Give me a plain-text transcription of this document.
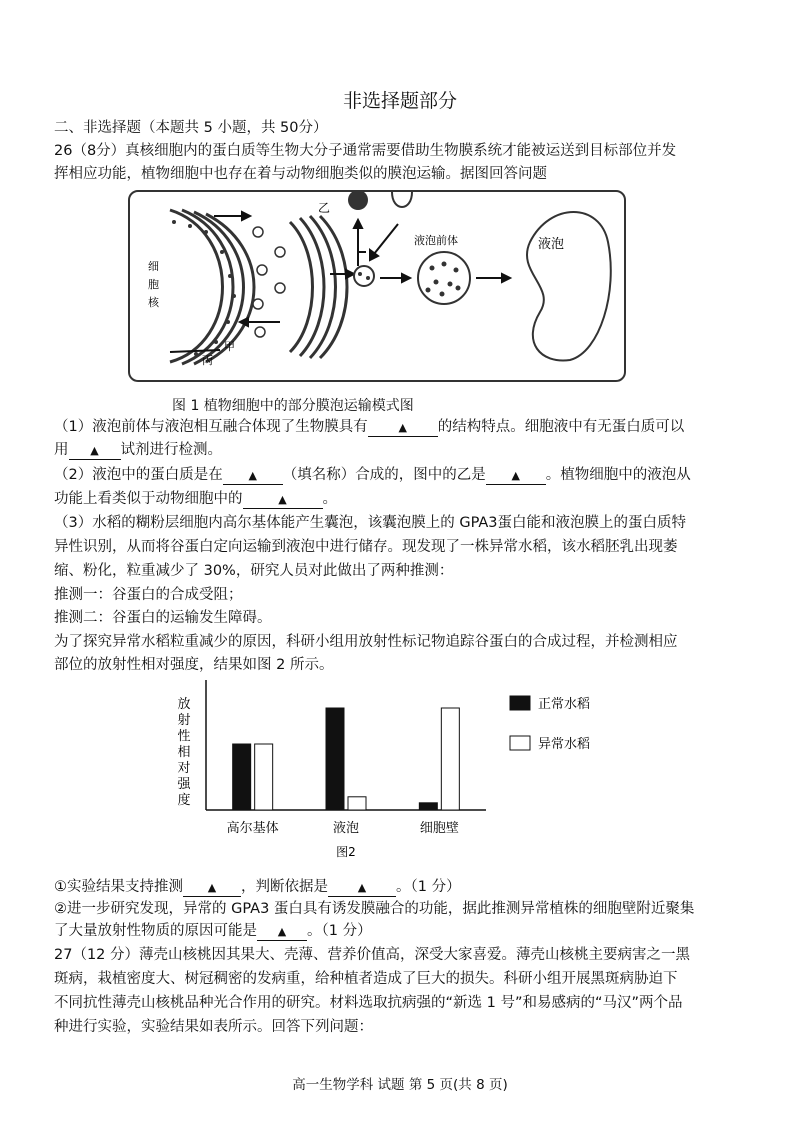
非选择题部分
二、非选择题（本题共 5 小题，共 50分）
26（8分）真核细胞内的蛋白质等生物大分子通常需要借助生物膜系统才能被运送到目标部位并发
挥相应功能，植物细胞中也存在着与动物细胞类似的膜泡运输。据图回答问题
细
胞
核
乙
甲
丙
液泡前体	液泡
图 1 植物细胞中的部分膜泡运输模式图
（1）液泡前体与液泡相互融合体现了生物膜具有	▲ 的结构特点。细胞液中有无蛋白质可以
用 ▲ 试剂进行检测。
（2）液泡中的蛋白质是在 ▲ （填名称）合成的，图中的乙是 ▲ 。植物细胞中的液泡从
功能上看类似于动物细胞中的	▲ 。
（3）水稻的糊粉层细胞内高尔基体能产生囊泡，该囊泡膜上的 GPA3蛋白能和液泡膜上的蛋白质特
异性识别，从而将谷蛋白定向运输到液泡中进行储存。现发现了一株异常水稻，该水稻胚乳出现萎
缩、粉化，粒重减少了 30%，研究人员对此做出了两种推测：
推测一：谷蛋白的合成受阻；
推测二：谷蛋白的运输发生障碍。
为了探究异常水稻粒重减少的原因，科研小组用放射性标记物追踪谷蛋白的合成过程，并检测相应
部位的放射性相对强度，结果如图 2 所示。
放
射
性
相
对
强
度
高尔基体	液泡	细胞壁
图2
正常水稻
异常水稻
①实验结果支持推测 ▲ ，判断依据是	▲ 。（1 分）
②进一步研究发现，异常的 GPA3 蛋白具有诱发膜融合的功能，据此推测异常植株的细胞壁附近聚集
了大量放射性物质的原因可能是 ▲ 。（1 分）
27（12 分）薄壳山核桃因其果大、壳薄、营养价值高，深受大家喜爱。薄壳山核桃主要病害之一黑
斑病，栽植密度大、树冠稠密的发病重，给种植者造成了巨大的损失。科研小组开展黑斑病胁迫下
不同抗性薄壳山核桃品种光合作用的研究。材料选取抗病强的“新选 1 号”和易感病的“马汉”两个品
种进行实验，实验结果如表所示。回答下列问题：
高一生物学科 试题 第 5 页(共 8 页)
